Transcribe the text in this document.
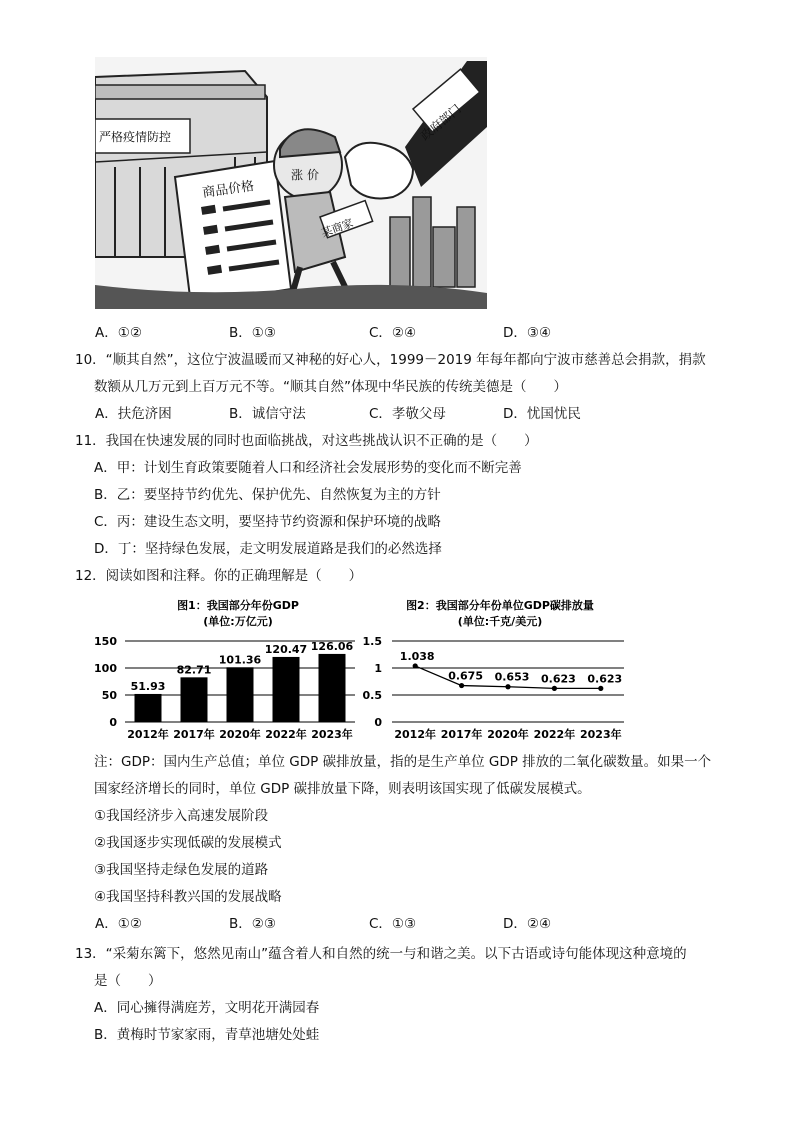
严格疫情防控
商品价格
涨价
某商家
政府部门
A．①②	B．①③	C．②④	D．③④
10．“顺其自然”，这位宁波温暖而又神秘的好心人，1999－2019 年每年都向宁波市慈善总会捐款，捐款
数额从几万元到上百万元不等。“顺其自然”体现中华民族的传统美德是（　　）
A．扶危济困	B．诚信守法	C．孝敬父母	D．忧国忧民
11．我国在快速发展的同时也面临挑战，对这些挑战认识不正确的是（　　）
A．甲：计划生育政策要随着人口和经济社会发展形势的变化而不断完善
B．乙：要坚持节约优先、保护优先、自然恢复为主的方针
C．丙：建设生态文明，要坚持节约资源和保护环境的战略
D．丁：坚持绿色发展，走文明发展道路是我们的必然选择
12．阅读如图和注释。你的正确理解是（　　）
图1：我国部分年份GDP
(单位:万亿元)
0
50
100
150
51.93
82.71
101.36
120.47 126.06
2012年 2017年 2020年 2022年 2023年
图2：我国部分年份单位GDP碳排放量
(单位:千克/美元)
0
0.5
1
1.5
1.038
0.675 0.653 0.623 0.623
2012年 2017年 2020年 2022年 2023年
注：GDP：国内生产总值；单位 GDP 碳排放量，指的是生产单位 GDP 排放的二氧化碳数量。如果一个
国家经济增长的同时，单位 GDP 碳排放量下降，则表明该国实现了低碳发展模式。
①我国经济步入高速发展阶段
②我国逐步实现低碳的发展模式
③我国坚持走绿色发展的道路
④我国坚持科教兴国的发展战略
A．①②	B．②③	C．①③	D．②④
13．“采菊东篱下，悠然见南山”蕴含着人和自然的统一与和谐之美。以下古语或诗句能体现这种意境的
是（　　）
A．同心擁得满庭芳，文明花开满园春
B．黄梅时节家家雨，青草池塘处处蛙
